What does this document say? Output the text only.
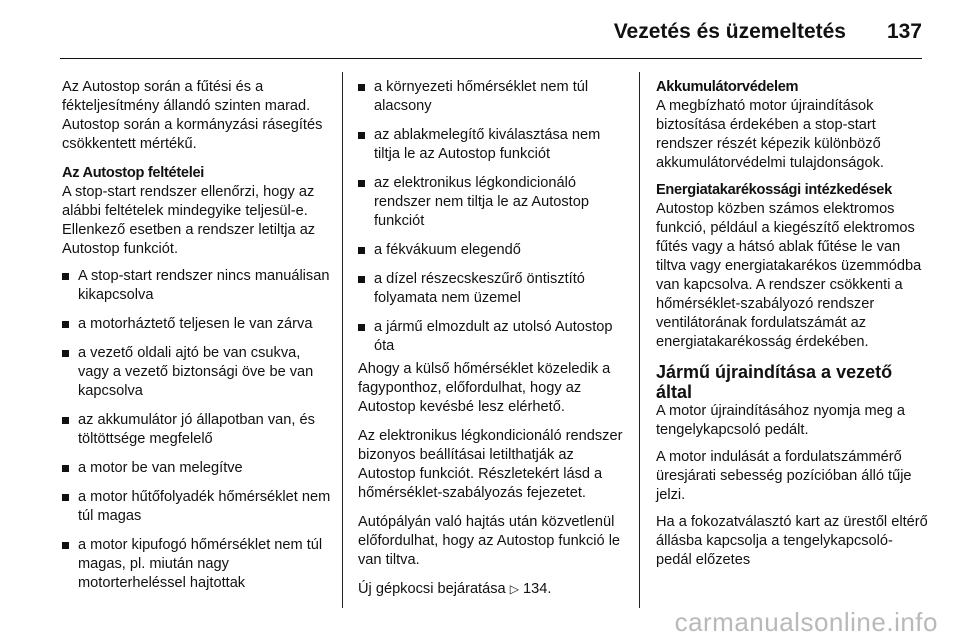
Vezetés és üzemeltetés 137

Az Autostop során a fűtési és a fékteljesítmény állandó szinten marad. Autostop során a kormányzási rásegítés csökkentett mértékű.

Az Autostop feltételei

A stop-start rendszer ellenőrzi, hogy az alábbi feltételek mindegyike teljesül-e. Ellenkező esetben a rendszer letiltja az Autostop funkciót.

A stop-start rendszer nincs manuálisan kikapcsolva
a motorháztető teljesen le van zárva
a vezető oldali ajtó be van csukva, vagy a vezető biztonsági öve be van kapcsolva
az akkumulátor jó állapotban van, és töltöttsége megfelelő
a motor be van melegítve
a motor hűtőfolyadék hőmérséklet nem túl magas
a motor kipufogó hőmérséklet nem túl magas, pl. miután nagy motorterheléssel hajtottak
a környezeti hőmérséklet nem túl alacsony
az ablakmelegítő kiválasztása nem tiltja le az Autostop funkciót
az elektronikus légkondicionáló rendszer nem tiltja le az Autostop funkciót
a fékvákuum elegendő
a dízel részecskeszűrő öntisztító folyamata nem üzemel
a jármű elmozdult az utolsó Autostop óta

Ahogy a külső hőmérséklet közeledik a fagyponthoz, előfordulhat, hogy az Autostop kevésbé lesz elérhető.

Az elektronikus légkondicionáló rendszer bizonyos beállításai letilthatják az Autostop funkciót. Részletekért lásd a hőmérséklet-szabályozás fejezetet.

Autópályán való hajtás után közvetlenül előfordulhat, hogy az Autostop funkció le van tiltva.

Új gépkocsi bejáratása ▷ 134.

Akkumulátorvédelem

A megbízható motor újraindítások biztosítása érdekében a stop-start rendszer részét képezik különböző akkumulátorvédelmi tulajdonságok.

Energiatakarékossági intézkedések

Autostop közben számos elektromos funkció, például a kiegészítő elektromos fűtés vagy a hátsó ablak fűtése le van tiltva vagy energiatakarékos üzemmódba van kapcsolva. A rendszer csökkenti a hőmérséklet-szabályozó rendszer ventilátorának fordulatszámát az energiatakarékosság érdekében.

Jármű újraindítása a vezető által

A motor újraindításához nyomja meg a tengelykapcsoló pedált.

A motor indulását a fordulatszámmérő üresjárati sebesség pozícióban álló tűje jelzi.

Ha a fokozatválasztó kart az ürestől eltérő állásba kapcsolja a tengelykapcsoló-pedál előzetes

carmanualsonline.info
